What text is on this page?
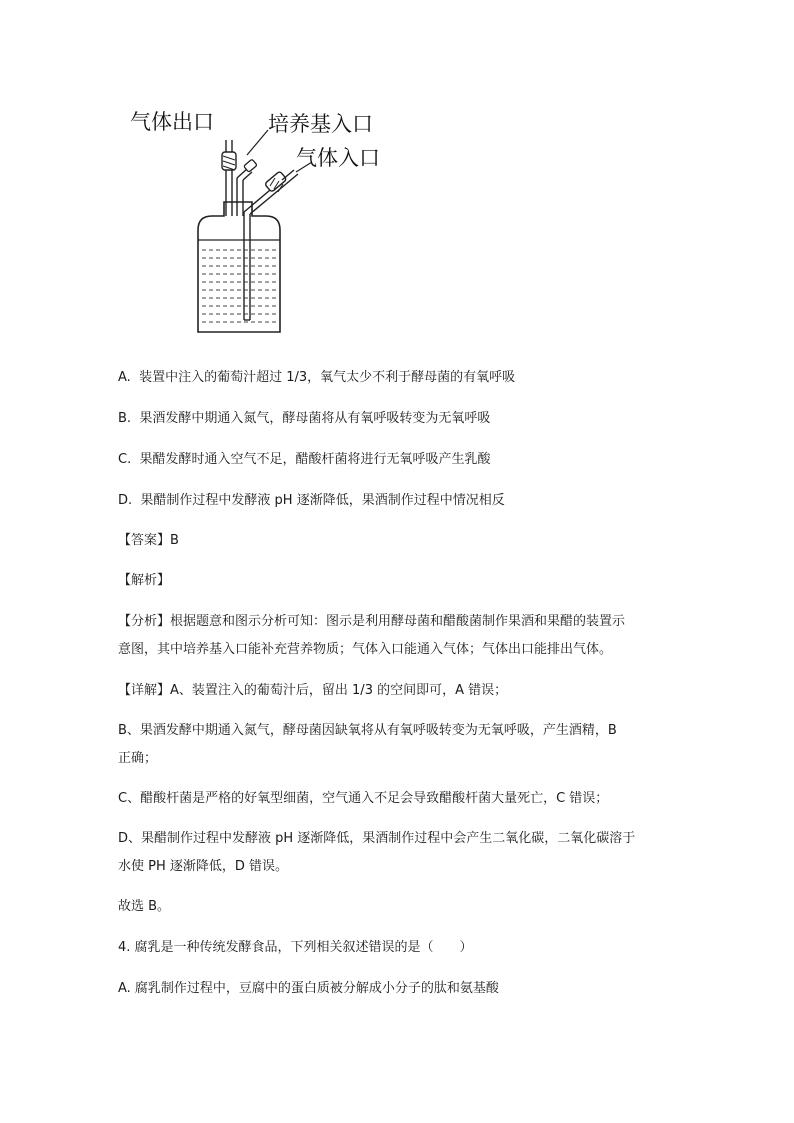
气体出口	培养基入口
气体入口
A. 装置中注入的葡萄汁超过 1/3，氧气太少不利于酵母菌的有氧呼吸
B. 果酒发酵中期通入氮气，酵母菌将从有氧呼吸转变为无氧呼吸
C. 果醋发酵时通入空气不足，醋酸杆菌将进行无氧呼吸产生乳酸
D. 果醋制作过程中发酵液 pH 逐渐降低，果酒制作过程中情况相反
【答案】B
【解析】
【分析】根据题意和图示分析可知：图示是利用酵母菌和醋酸菌制作果酒和果醋的装置示
意图，其中培养基入口能补充营养物质；气体入口能通入气体；气体出口能排出气体。
【详解】A、装置注入的葡萄汁后，留出 1/3 的空间即可，A 错误；
B、果酒发酵中期通入氮气，酵母菌因缺氧将从有氧呼吸转变为无氧呼吸，产生酒精，B
正确；
C、醋酸杆菌是严格的好氧型细菌，空气通入不足会导致醋酸杆菌大量死亡，C 错误；
D、果醋制作过程中发酵液 pH 逐渐降低，果酒制作过程中会产生二氧化碳，二氧化碳溶于
水使 PH 逐渐降低，D 错误。
故选 B。
4. 腐乳是一种传统发酵食品，下列相关叙述错误的是（　　）
A. 腐乳制作过程中，豆腐中的蛋白质被分解成小分子的肽和氨基酸
